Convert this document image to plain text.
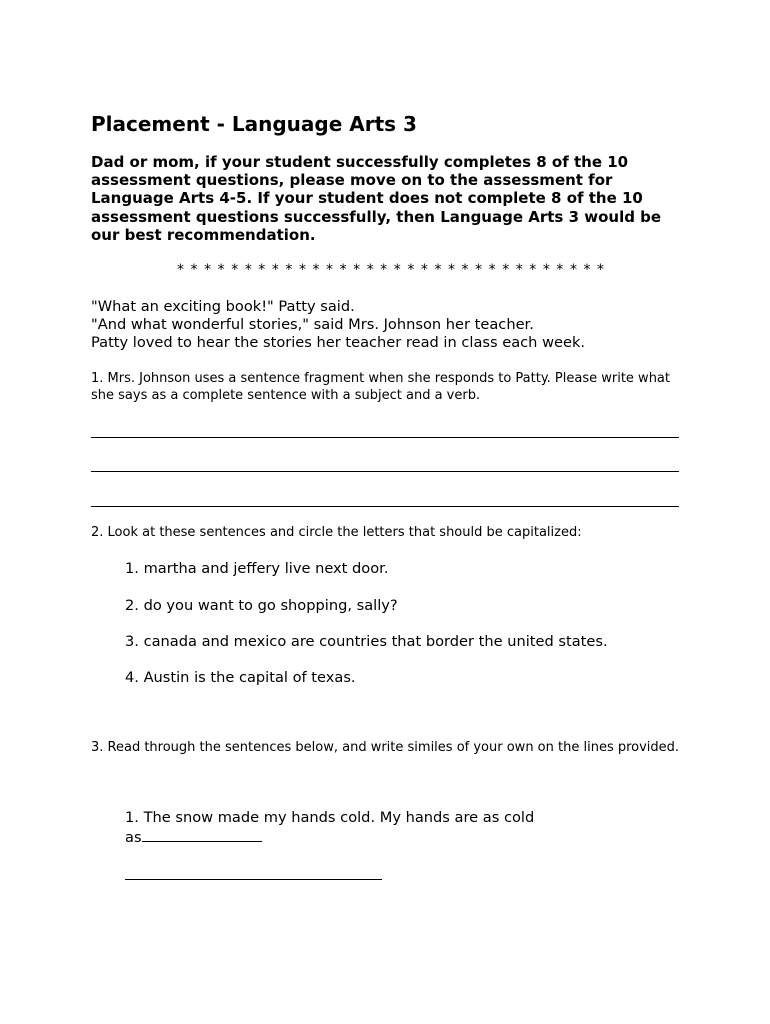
Placement - Language Arts 3

Dad or mom, if your student successfully completes 8 of the 10 assessment questions, please move on to the assessment for Language Arts 4-5. If your student does not complete 8 of the 10 assessment questions successfully, then Language Arts 3 would be our best recommendation.

* * * * * * * * * * * * * * * * * * * * * * * * * * * * * * * *

"What an exciting book!" Patty said.
"And what wonderful stories," said Mrs. Johnson her teacher.
Patty loved to hear the stories her teacher read in class each week.

1. Mrs. Johnson uses a sentence fragment when she responds to Patty. Please write what she says as a complete sentence with a subject and a verb.

2. Look at these sentences and circle the letters that should be capitalized:

1. martha and jeffery live next door.

2. do you want to go shopping, sally?

3. canada and mexico are countries that border the united states.

4. Austin is the capital of texas.

3. Read through the sentences below, and write similes of your own on the lines provided.

1. The snow made my hands cold. My hands are as cold
as
